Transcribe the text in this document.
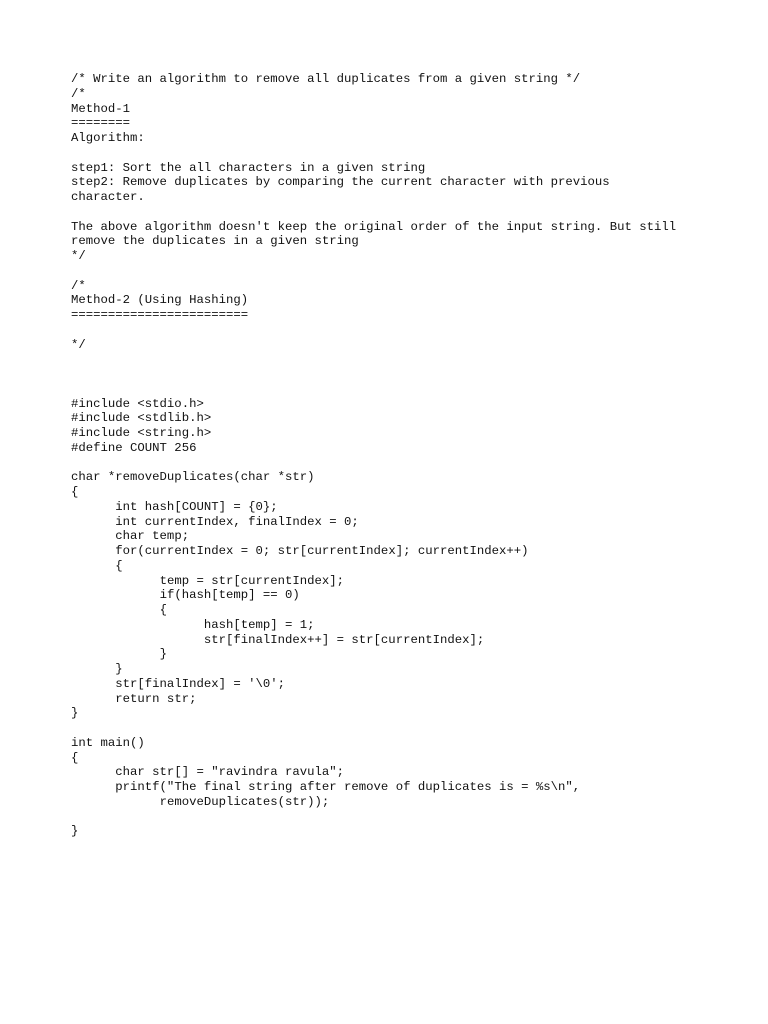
/* Write an algorithm to remove all duplicates from a given string */
/*
Method-1
========
Algorithm:
step1: Sort the all characters in a given string
step2: Remove duplicates by comparing the current character with previous
character.
The above algorithm doesn't keep the original order of the input string. But still
remove the duplicates in a given string
*/
/*
Method-2 (Using Hashing)
========================
*/
#include <stdio.h>
#include <stdlib.h>
#include <string.h>
#define COUNT 256
char *removeDuplicates(char *str)
{
	int hash[COUNT] = {0};
	int currentIndex, finalIndex = 0;
	char temp;
	for(currentIndex = 0; str[currentIndex]; currentIndex++)
	{
		temp = str[currentIndex];
		if(hash[temp] == 0)
		{
			hash[temp] = 1;
			str[finalIndex++] = str[currentIndex];
		}
	}
	str[finalIndex] = '\0';
	return str;
}
int main()
{
	char str[] = "ravindra ravula";
	printf("The final string after remove of duplicates is = %s\n",
		removeDuplicates(str));
}
